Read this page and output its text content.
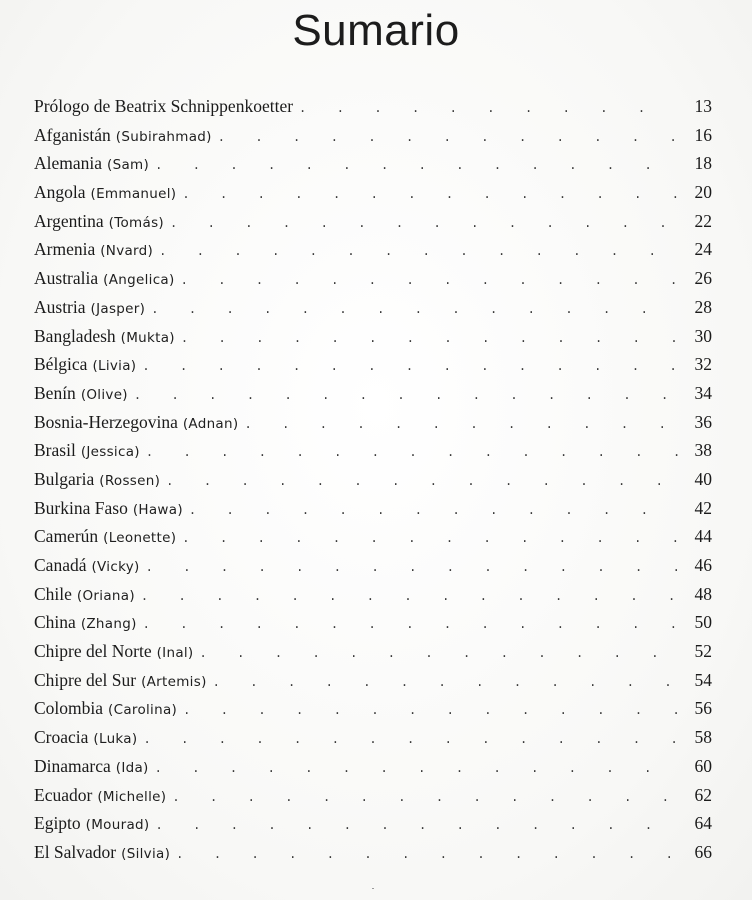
Sumario
Prólogo de Beatrix Schnippenkoetter . . .	13
Afganistán (Subirahmad) . . .	16
Alemania (Sam) . . .	18
Angola (Emmanuel) . . .	20
Argentina (Tomás) . . .	22
Armenia (Nvard) . . .	24
Australia (Angelica) . . .	26
Austria (Jasper) . . .	28
Bangladesh (Mukta) . . .	30
Bélgica (Livia) . . .	32
Benín (Olive) . . .	34
Bosnia-Herzegovina (Adnan) . . .	36
Brasil (Jessica) . . .	38
Bulgaria (Rossen) . . .	40
Burkina Faso (Hawa) . . .	42
Camerún (Leonette) . . .	44
Canadá (Vicky) . . .	46
Chile (Oriana) . . .	48
China (Zhang) . . .	50
Chipre del Norte (Inal) . . .	52
Chipre del Sur (Artemis) . . .	54
Colombia (Carolina) . . .	56
Croacia (Luka) . . .	58
Dinamarca (Ida) . . .	60
Ecuador (Michelle) . . .	62
Egipto (Mourad) . . .	64
El Salvador (Silvia) . . .	66
